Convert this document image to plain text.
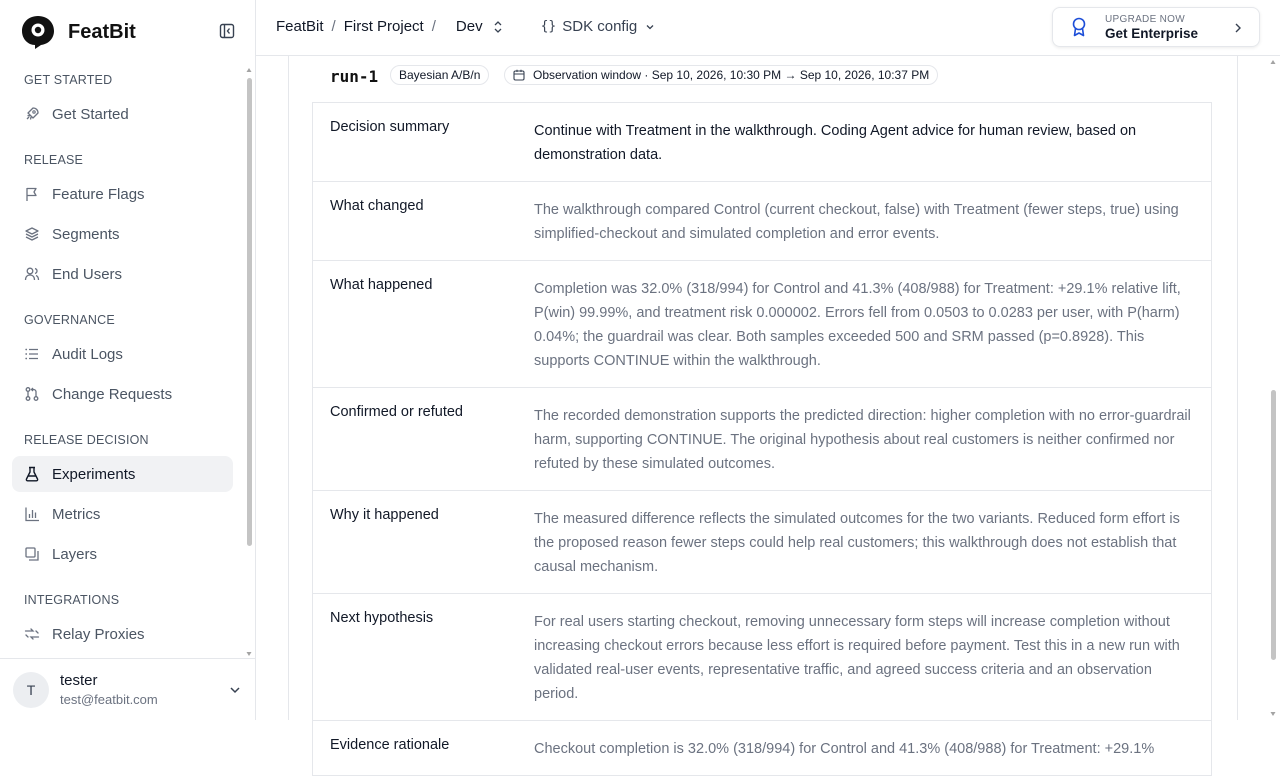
FeatBit
GET STARTED
Get Started
RELEASE
Feature Flags
Segments
End Users
GOVERNANCE
Audit Logs
Change Requests
RELEASE DECISION
Experiments
Metrics
Layers
INTEGRATIONS
Relay Proxies
T
tester
test@featbit.com
FeatBit / First Project / Dev	{} SDK config	UPGRADE NOW
Get Enterprise
run-1	Bayesian A/B/n	Observation window · Sep 10, 2026, 10:30 PM → Sep 10, 2026, 10:37 PM
Decision summary	Continue with Treatment in the walkthrough. Coding Agent advice for human review, based on demonstration data.
What changed	The walkthrough compared Control (current checkout, false) with Treatment (fewer steps, true) using simplified-checkout and simulated completion and error events.
What happened	Completion was 32.0% (318/994) for Control and 41.3% (408/988) for Treatment: +29.1% relative lift, P(win) 99.99%, and treatment risk 0.000002. Errors fell from 0.0503 to 0.0283 per user, with P(harm) 0.04%; the guardrail was clear. Both samples exceeded 500 and SRM passed (p=0.8928). This supports CONTINUE within the walkthrough.
Confirmed or refuted	The recorded demonstration supports the predicted direction: higher completion with no error-guardrail harm, supporting CONTINUE. The original hypothesis about real customers is neither confirmed nor refuted by these simulated outcomes.
Why it happened	The measured difference reflects the simulated outcomes for the two variants. Reduced form effort is the proposed reason fewer steps could help real customers; this walkthrough does not establish that causal mechanism.
Next hypothesis	For real users starting checkout, removing unnecessary form steps will increase completion without increasing checkout errors because less effort is required before payment. Test this in a new run with validated real-user events, representative traffic, and agreed success criteria and an observation period.
Evidence rationale	Checkout completion is 32.0% (318/994) for Control and 41.3% (408/988) for Treatment: +29.1%
